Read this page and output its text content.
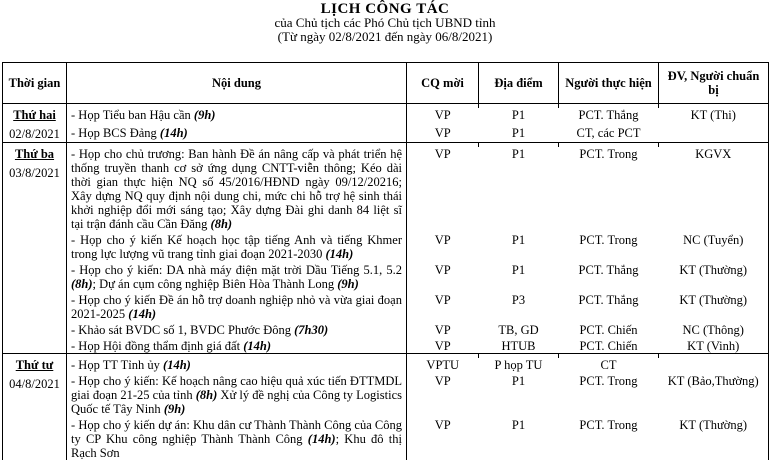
LỊCH CÔNG TÁC
của Chủ tịch các Phó Chủ tịch UBND tỉnh
(Từ ngày 02/8/2021 đến ngày 06/8/2021)
Thời gian	Nội dung	CQ mời	Địa điểm	Người thực hiện	ĐV, Người chuẩn bị

Thứ hai
02/8/2021	- Họp Tiểu ban Hậu cần (9h)	VP	P1	PCT. Thắng	KT (Thi)
	- Họp BCS Đảng (14h)	VP	P1	CT, các PCT	

Thứ ba
03/8/2021	- Họp cho chủ trương: Ban hành Đề án nâng cấp và phát triển hệ thống truyền thanh cơ sở ứng dụng CNTT-viễn thông; Kéo dài thời gian thực hiện NQ số 45/2016/HĐND ngày 09/12/20216; Xây dựng NQ quy định nội dung chi, mức chi hỗ trợ hệ sinh thái khởi nghiệp đổi mới sáng tạo; Xây dựng Đài ghi danh 84 liệt sĩ tại trận đánh cầu Cần Đăng (8h)	VP	P1	PCT. Trong	KGVX
	- Họp cho ý kiến Kế hoạch học tập tiếng Anh và tiếng Khmer trong lực lượng vũ trang tỉnh giai đoạn 2021-2030 (14h)	VP	P1	PCT. Trong	NC (Tuyển)
	- Họp cho ý kiến: DA nhà máy điện mặt trời Dầu Tiếng 5.1, 5.2 (8h); Dự án cụm công nghiệp Biên Hòa Thành Long (9h)	VP	P1	PCT. Thắng	KT (Thường)
	- Họp cho ý kiến Đề án hỗ trợ doanh nghiệp nhỏ và vừa giai đoạn 2021-2025 (14h)	VP	P3	PCT. Thắng	KT (Thường)
	- Khảo sát BVDC số 1, BVDC Phước Đông (7h30)	VP	TB, GD	PCT. Chiến	NC (Thông)
	- Họp Hội đồng thẩm định giá đất (14h)	VP	HTUB	PCT. Chiến	KT (Vinh)

Thứ tư
04/8/2021	- Họp TT Tỉnh ủy (14h)	VPTU	P họp TU	CT	
	- Họp cho ý kiến: Kế hoạch nâng cao hiệu quả xúc tiến ĐTTMDL giai đoạn 21-25 của tỉnh (8h) Xử lý đề nghị của Công ty Logistics Quốc tế Tây Ninh (9h)	VP	P1	PCT. Trong	KT (Bảo,Thường)
	- Họp cho ý kiến dự án: Khu dân cư Thành Thành Công của Công ty CP Khu công nghiệp Thành Thành Công (14h); Khu đô thị Rạch Sơn	VP	P1	PCT. Trong	KT (Thường)
